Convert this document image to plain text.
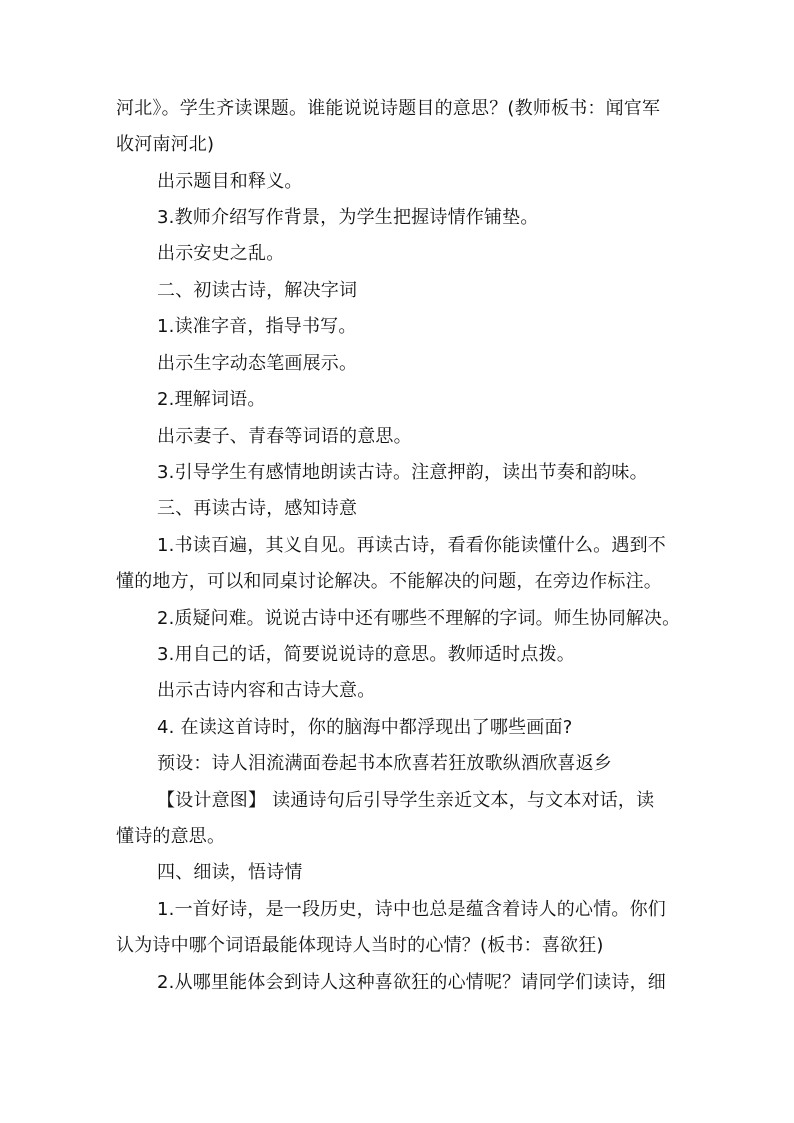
河北》。学生齐读课题。谁能说说诗题目的意思？(教师板书：闻官军
收河南河北)
出示题目和释义。
3.教师介绍写作背景，为学生把握诗情作铺垫。
出示安史之乱。
二、初读古诗，解决字词
1.读准字音，指导书写。
出示生字动态笔画展示。
2.理解词语。
出示妻子、青春等词语的意思。
3.引导学生有感情地朗读古诗。注意押韵，读出节奏和韵味。
三、再读古诗，感知诗意
1.书读百遍，其义自见。再读古诗，看看你能读懂什么。遇到不
懂的地方，可以和同桌讨论解决。不能解决的问题，在旁边作标注。
2.质疑问难。说说古诗中还有哪些不理解的字词。师生协同解决。
3.用自己的话，简要说说诗的意思。教师适时点拨。
出示古诗内容和古诗大意。
4. 在读这首诗时，你的脑海中都浮现出了哪些画面?
预设：诗人泪流满面卷起书本欣喜若狂放歌纵酒欣喜返乡
【设计意图】 读通诗句后引导学生亲近文本，与文本对话，读
懂诗的意思。
四、细读，悟诗情
1.一首好诗，是一段历史，诗中也总是蕴含着诗人的心情。你们
认为诗中哪个词语最能体现诗人当时的心情？(板书：喜欲狂)
2.从哪里能体会到诗人这种喜欲狂的心情呢？请同学们读诗，细
